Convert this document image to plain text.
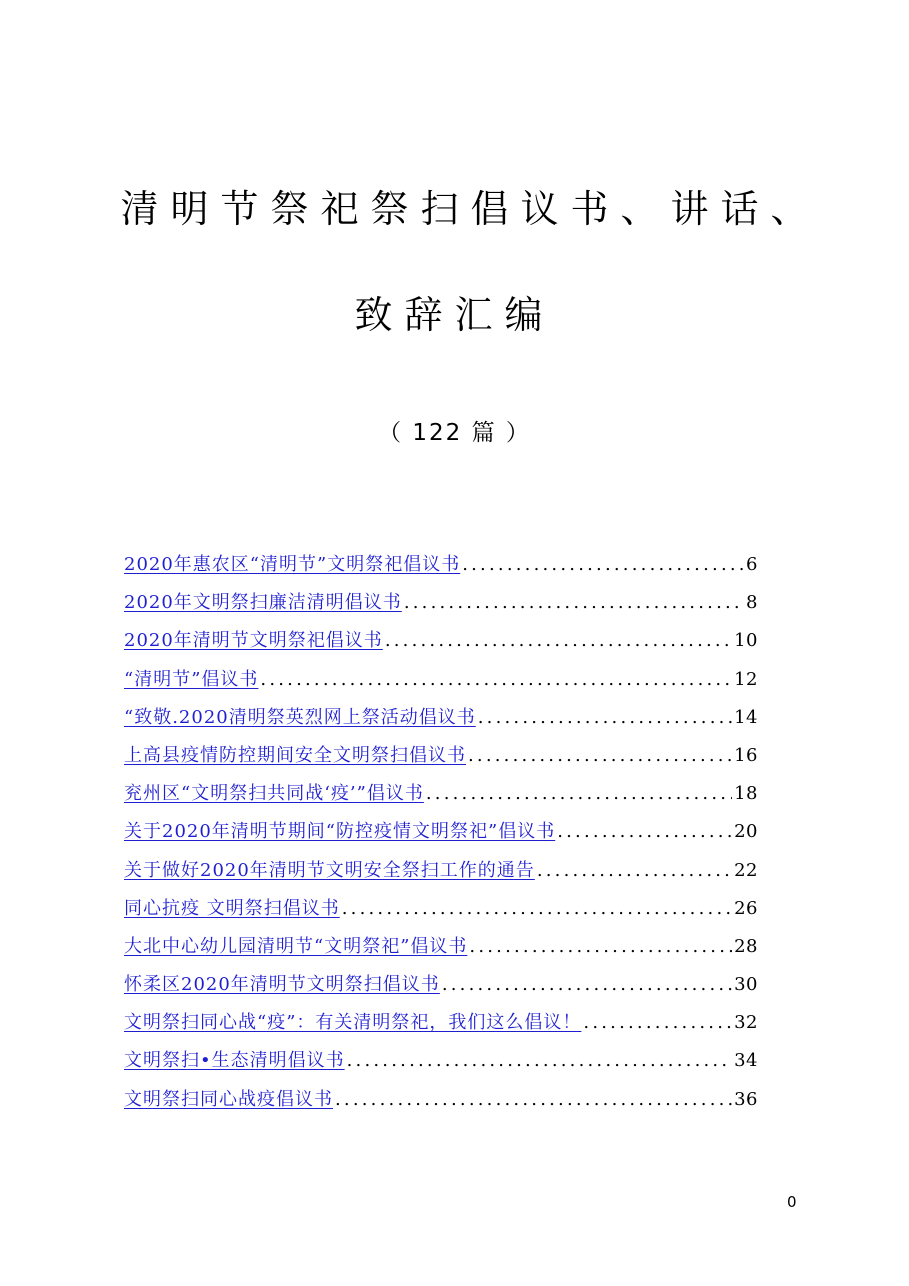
清明节祭祀祭扫倡议书、讲话、
致辞汇编
（ 122 篇 ）
2020年惠农区“清明节”文明祭祀倡议书 .....	6
2020年文明祭扫廉洁清明倡议书 .....	8
2020年清明节文明祭祀倡议书 .....	10
“清明节”倡议书 .....	12
“致敬.2020清明祭英烈网上祭活动倡议书 .....	14
上高县疫情防控期间安全文明祭扫倡议书 .....	16
兖州区“文明祭扫共同战‘疫’”倡议书 .....	18
关于2020年清明节期间“防控疫情文明祭祀”倡议书 .....	20
关于做好2020年清明节文明安全祭扫工作的通告 .....	22
同心抗疫 文明祭扫倡议书 .....	26
大北中心幼儿园清明节“文明祭祀”倡议书 .....	28
怀柔区2020年清明节文明祭扫倡议书 .....	30
文明祭扫同心战“疫”：有关清明祭祀，我们这么倡议！ .....	32
文明祭扫•生态清明倡议书 .....	34
文明祭扫同心战疫倡议书 .....	36
0
